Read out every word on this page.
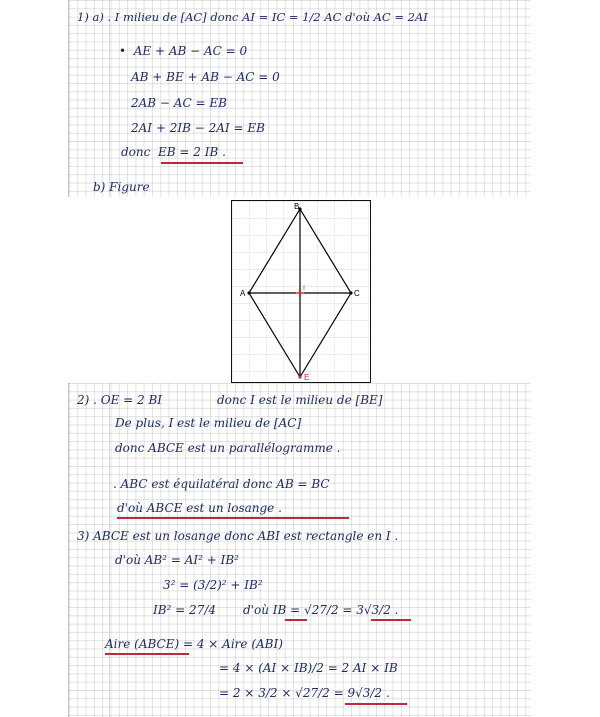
1) a) . I milieu de [AC] donc AI = IC = 1/2 AC d'où AC = 2AI
•  AE + AB − AC = 0
AB + BE + AB − AC = 0
2AB − AC = EB
2AI + 2IB − 2AI = EB
donc EB = 2 IB .
b) Figure
B
A	C
E
I
2) . OE = 2 BI	donc I est le milieu de [BE]
De plus, I est le milieu de [AC]
donc ABCE est un parallélogramme .
. ABC est équilatéral donc AB = BC
d'où ABCE est un losange .
3) ABCE est un losange donc ABI est rectangle en I .
d'où AB² = AI² + IB²
3² = (3/2)² + IB²
IB² = 27/4 d'où IB = √27/2 = 3√3/2 .
Aire (ABCE) = 4 × Aire (ABI)
= 4 × (AI × IB)/2 = 2 AI × IB
= 2 × 3/2 × √27/2 = 9√3/2 .
